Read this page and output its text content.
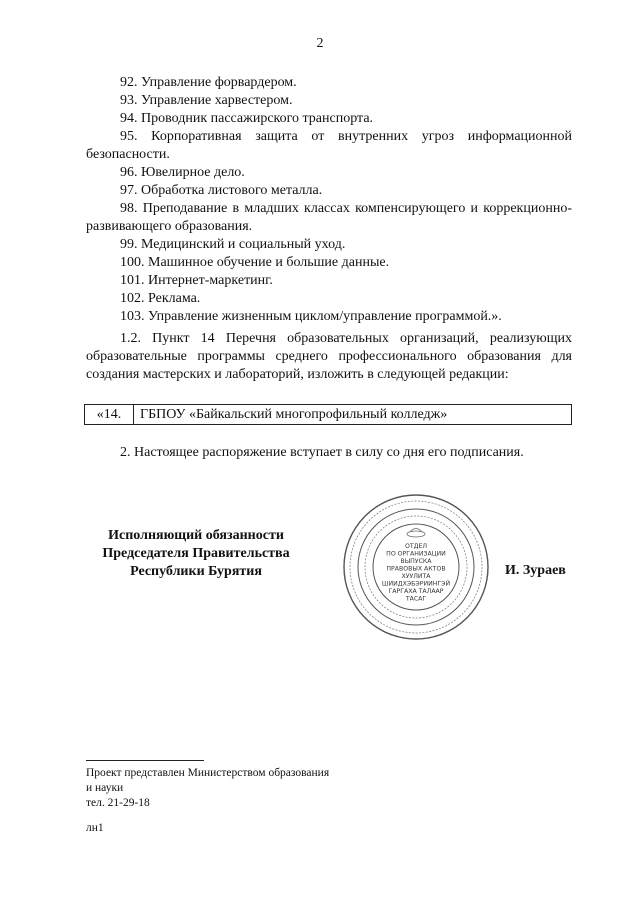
2
92. Управление форвардером.
93. Управление харвестером.
94. Проводник пассажирского транспорта.
95. Корпоративная защита от внутренних угроз информационной безопасности.
96. Ювелирное дело.
97. Обработка листового металла.
98. Преподавание в младших классах компенсирующего и коррекционно-развивающего образования.
99. Медицинский и социальный уход.
100. Машинное обучение и большие данные.
101. Интернет-маркетинг.
102. Реклама.
103. Управление жизненным циклом/управление программой.».
1.2. Пункт 14 Перечня образовательных организаций, реализующих образовательные программы среднего профессионального образования для создания мастерских и лабораторий, изложить в следующей редакции:
«14.	ГБПОУ «Байкальский многопрофильный колледж»
2. Настоящее распоряжение вступает в силу со дня его подписания.
Исполняющий обязанности
Председателя Правительства
Республики Бурятия
ОТДЕЛ
ПО ОРГАНИЗАЦИИ
ВЫПУСКА
ПРАВОВЫХ АКТОВ
ХУУЛИТА
ШИИДХЭБЭРИИНГЭЙ
ГАРГАХА ТАЛААР
ТАСАГ
И. Зураев
Проект представлен Министерством образования
и науки
тел. 21-29-18
лн1
